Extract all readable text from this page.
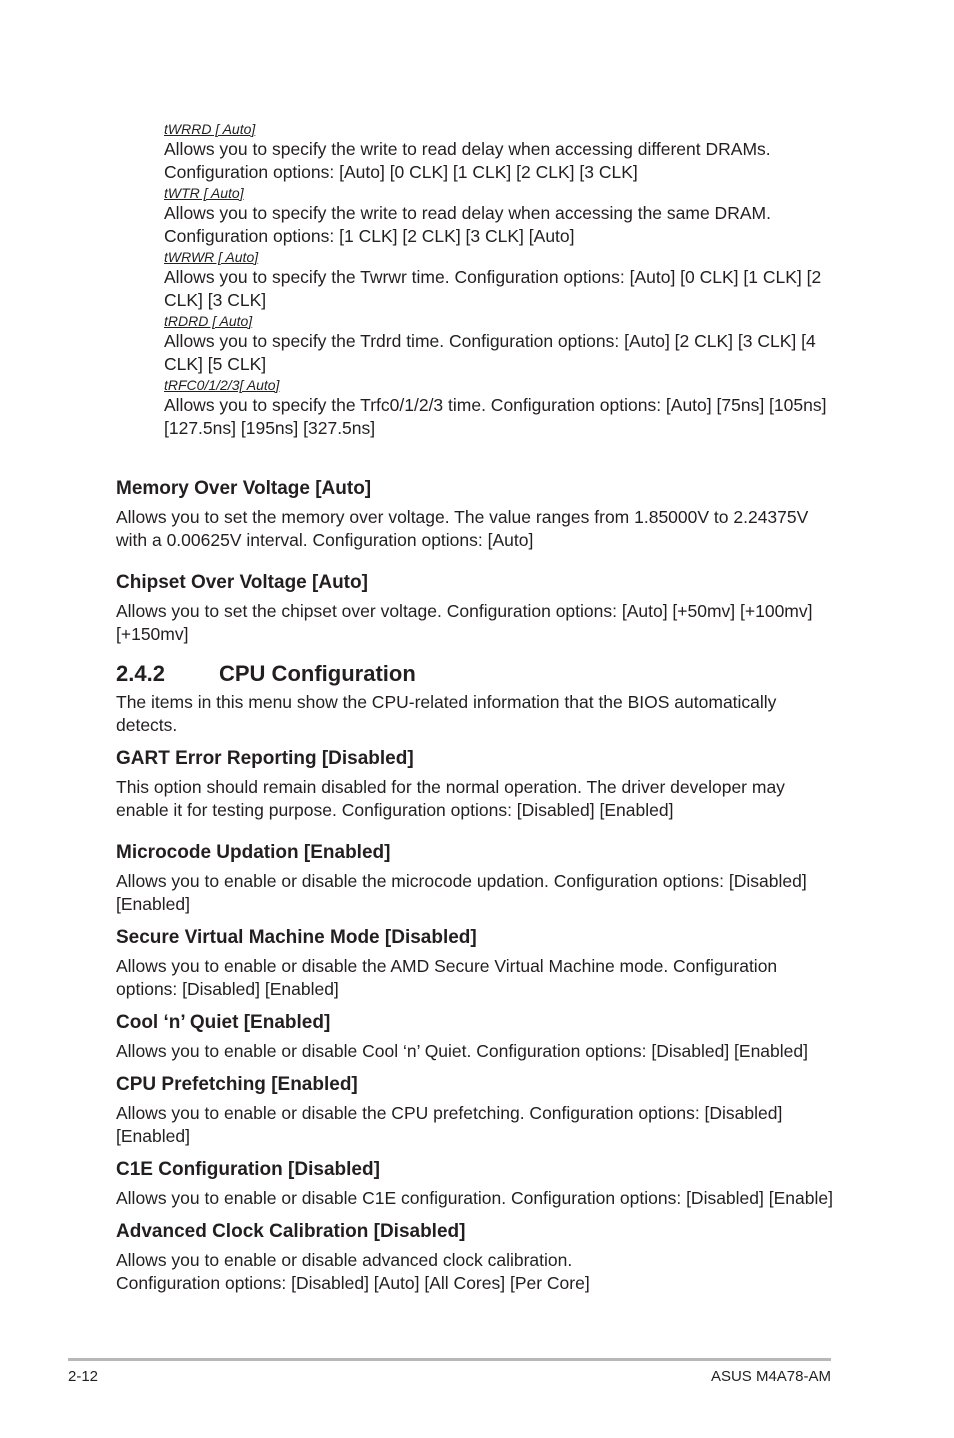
tWRRD [ Auto]

Allows you to specify the write to read delay when accessing different DRAMs.
Configuration options: [Auto] [0 CLK] [1 CLK] [2 CLK] [3 CLK]

tWTR [ Auto]

Allows you to specify the write to read delay when accessing the same DRAM.
Configuration options: [1 CLK] [2 CLK] [3 CLK] [Auto]

tWRWR [ Auto]

Allows you to specify the Twrwr time. Configuration options: [Auto] [0 CLK] [1 CLK] [2
CLK] [3 CLK]

tRDRD [ Auto]

Allows you to specify the Trdrd time. Configuration options: [Auto] [2 CLK] [3 CLK] [4
CLK] [5 CLK]

tRFC0/1/2/3[ Auto]

Allows you to specify the Trfc0/1/2/3 time. Configuration options: [Auto] [75ns] [105ns]
[127.5ns] [195ns] [327.5ns]

Memory Over Voltage [Auto]

Allows you to set the memory over voltage. The value ranges from 1.85000V to 2.24375V
with a 0.00625V interval. Configuration options: [Auto]

Chipset Over Voltage [Auto]

Allows you to set the chipset over voltage. Configuration options: [Auto] [+50mv] [+100mv]
[+150mv]

2.4.2	CPU Configuration

The items in this menu show the CPU-related information that the BIOS automatically
detects.

GART Error Reporting [Disabled]

This option should remain disabled for the normal operation. The driver developer may
enable it for testing purpose. Configuration options: [Disabled] [Enabled]

Microcode Updation [Enabled]

Allows you to enable or disable the microcode updation. Configuration options: [Disabled]
[Enabled]

Secure Virtual Machine Mode [Disabled]

Allows you to enable or disable the AMD Secure Virtual Machine mode. Configuration
options: [Disabled] [Enabled]

Cool ‘n’ Quiet [Enabled]

Allows you to enable or disable Cool ‘n’ Quiet. Configuration options: [Disabled] [Enabled]

CPU Prefetching [Enabled]

Allows you to enable or disable the CPU prefetching. Configuration options: [Disabled]
[Enabled]

C1E Configuration [Disabled]

Allows you to enable or disable C1E configuration. Configuration options: [Disabled] [Enable]

Advanced Clock Calibration [Disabled]

Allows you to enable or disable advanced clock calibration.
Configuration options: [Disabled] [Auto] [All Cores] [Per Core]

2-12	ASUS M4A78-AM
